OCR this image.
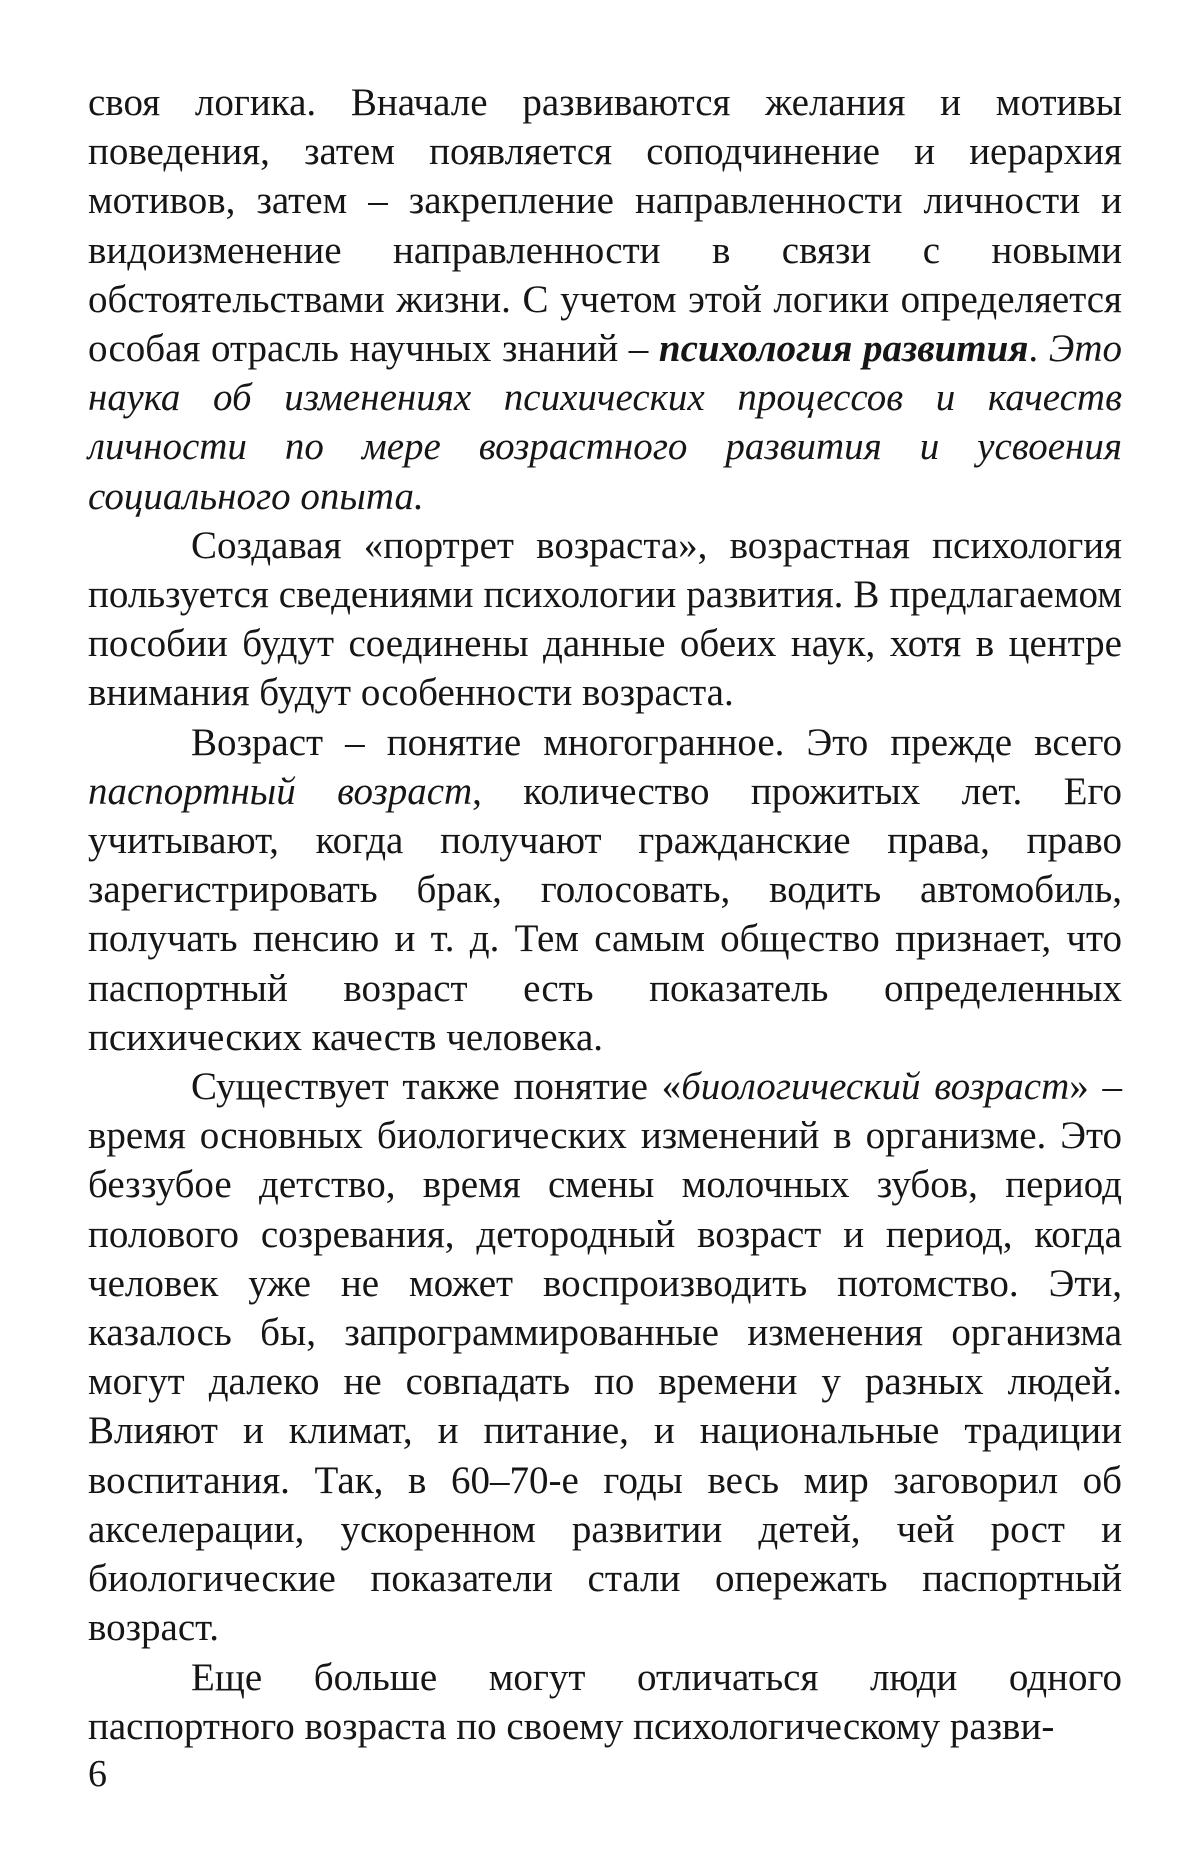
своя логика. Вначале развиваются желания и мотивы поведения, затем появляется соподчинение и иерархия мотивов, затем – закрепление направленности личности и видоизменение направленности в связи с новыми обстоятельствами жизни. С учетом этой логики определяется особая отрасль научных знаний – психология развития. Это наука об изменениях психических процессов и качеств личности по мере возрастного развития и усвоения социального опыта.

Создавая «портрет возраста», возрастная психология пользуется сведениями психологии развития. В предлагаемом пособии будут соединены данные обеих наук, хотя в центре внимания будут особенности возраста.

Возраст – понятие многогранное. Это прежде всего паспортный возраст, количество прожитых лет. Его учитывают, когда получают гражданские права, право зарегистрировать брак, голосовать, водить автомобиль, получать пенсию и т. д. Тем самым общество признает, что паспортный возраст есть показатель определенных психических качеств человека.

Существует также понятие «биологический возраст» – время основных биологических изменений в организме. Это беззубое детство, время смены молочных зубов, период полового созревания, детородный возраст и период, когда человек уже не может воспроизводить потомство. Эти, казалось бы, запрограммированные изменения организма могут далеко не совпадать по времени у разных людей. Влияют и климат, и питание, и национальные традиции воспитания. Так, в 60–70-е годы весь мир заговорил об акселерации, ускоренном развитии детей, чей рост и биологические показатели стали опережать паспортный возраст.

Еще больше могут отличаться люди одного паспортного возраста по своему психологическому разви-

6
